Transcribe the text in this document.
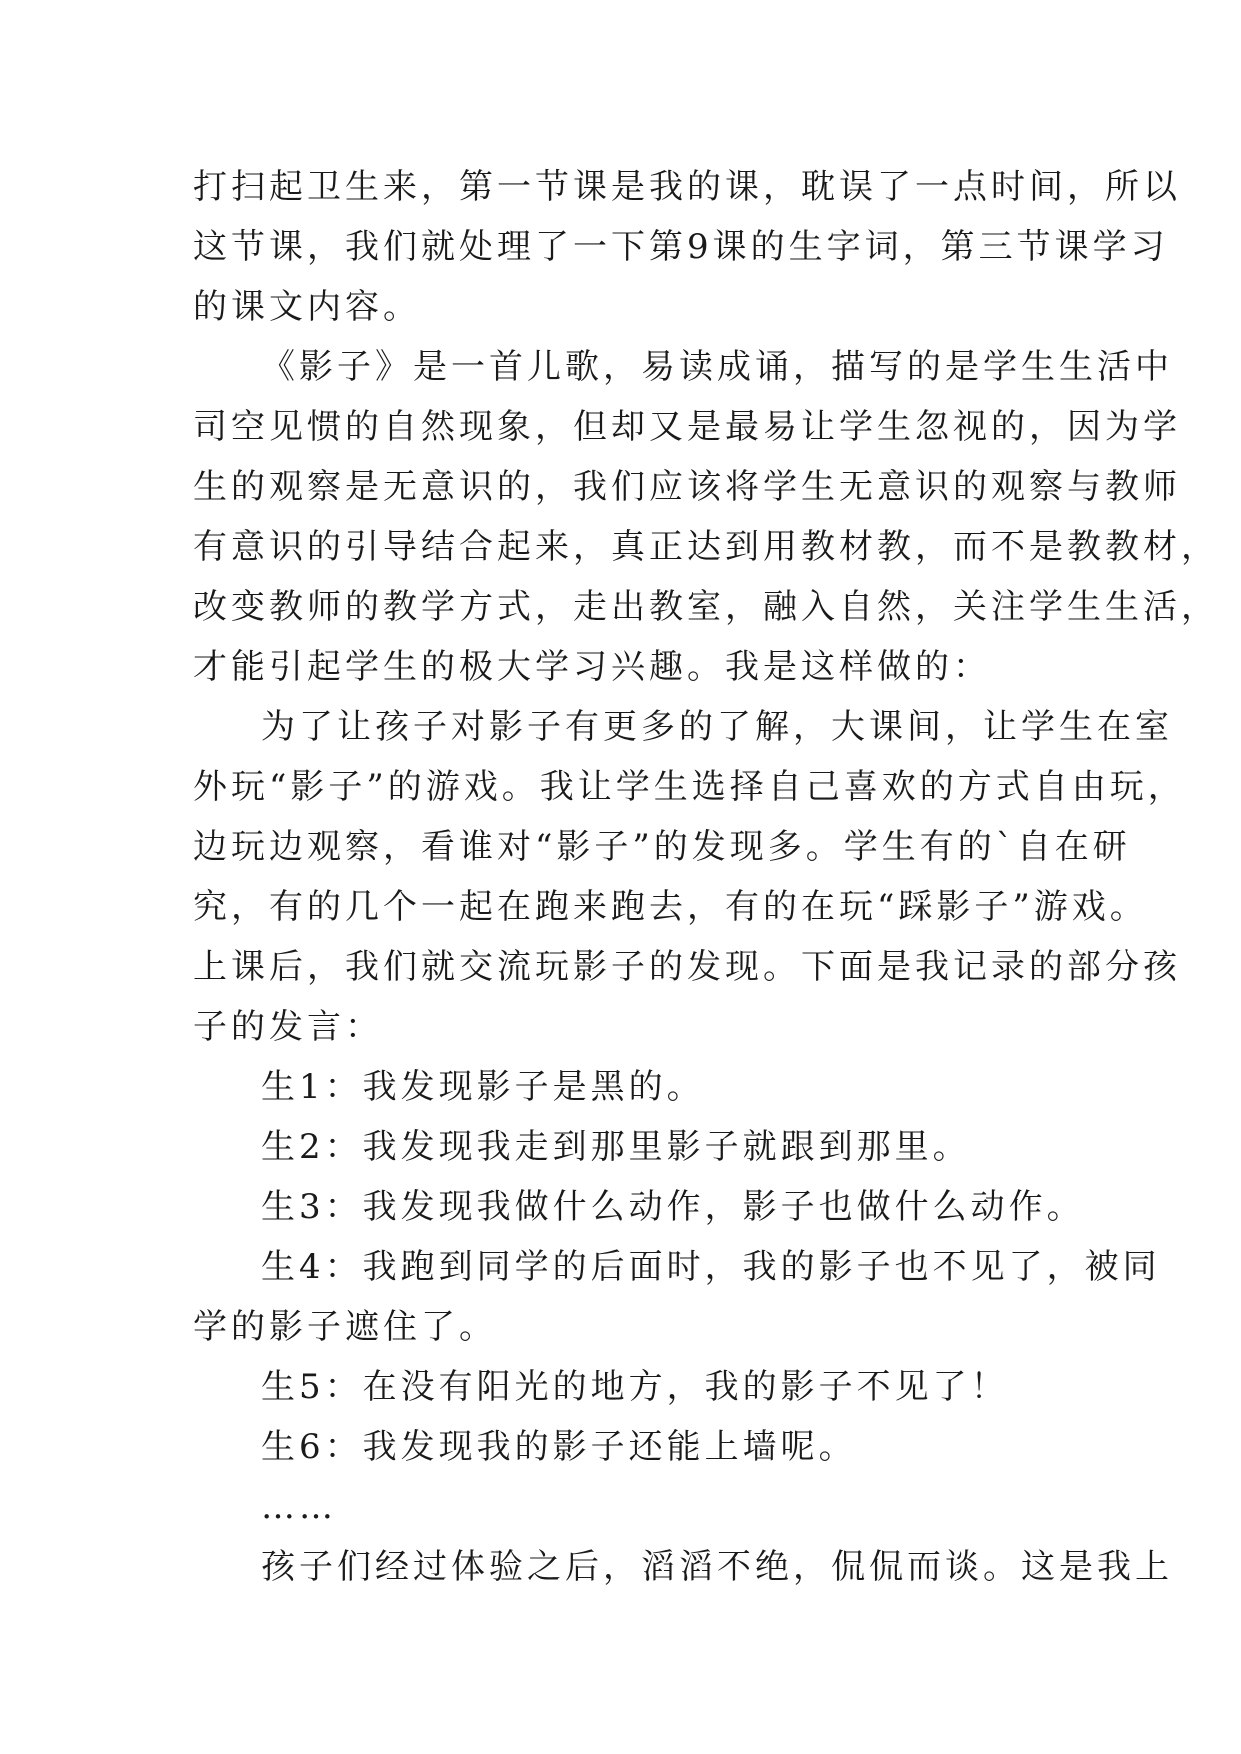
打扫起卫生来，第一节课是我的课，耽误了一点时间，所以
这节课，我们就处理了一下第9课的生字词，第三节课学习
的课文内容。
《影子》是一首儿歌，易读成诵，描写的是学生生活中
司空见惯的自然现象，但却又是最易让学生忽视的，因为学
生的观察是无意识的，我们应该将学生无意识的观察与教师
有意识的引导结合起来，真正达到用教材教，而不是教教材，
改变教师的教学方式，走出教室，融入自然，关注学生生活，
才能引起学生的极大学习兴趣。我是这样做的：
为了让孩子对影子有更多的了解，大课间，让学生在室
外玩“影子”的游戏。我让学生选择自己喜欢的方式自由玩，
边玩边观察，看谁对“影子”的发现多。学生有的`自在研
究，有的几个一起在跑来跑去，有的在玩“踩影子”游戏。
上课后，我们就交流玩影子的发现。下面是我记录的部分孩
子的发言：
生1：我发现影子是黑的。
生2：我发现我走到那里影子就跟到那里。
生3：我发现我做什么动作，影子也做什么动作。
生4：我跑到同学的后面时，我的影子也不见了，被同
学的影子遮住了。
生5：在没有阳光的地方，我的影子不见了！
生6：我发现我的影子还能上墙呢。
……
孩子们经过体验之后，滔滔不绝，侃侃而谈。这是我上
